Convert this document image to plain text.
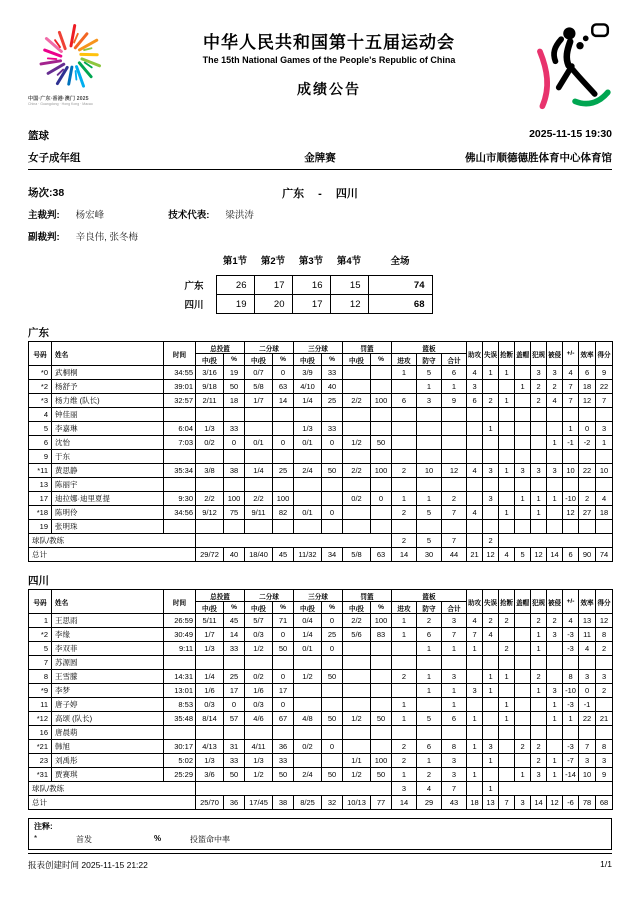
中国·广东·香港·澳门 2025
China · Guangdong · Hong Kong · Macao
中华人民共和国第十五届运动会
The 15th National Games of the People's Republic of China
成绩公告
篮球	2025-11-15 19:30
女子成年组	金牌赛	佛山市顺德德胜体育中心体育馆
场次:38	广东 - 四川
主裁判: 杨宏峰	技术代表: 梁洪涛
副裁判: 辛良伟, 张冬梅
	第1节	第2节	第3节	第4节	全场
广东	26	17	16	15	74
四川	19	20	17	12	68
广东
号码	姓名	时间	总投篮		二分球		三分球		罚篮		篮板			助攻	失误	抢断	盖帽	犯规	被侵	+/-	效率	得分
			中/投	%	中/投	%	中/投	%	中/投	%	进攻	防守	合计									
*0	武桐桐	34:55	3/16	19	0/7	0	3/9	33			1	5	6	4	1	1		3	3	4	6	9
*2	杨舒予	39:01	9/18	50	5/8	63	4/10	40				1	1	3			1	2	2	7	18	22
*3	杨力维 (队长)	32:57	2/11	18	1/7	14	1/4	25	2/2	100	6	3	9	6	2	1		2	4	7	12	7
4	钟佳丽																					
5	李嘉琳	6:04	1/3	33			1/3	33							1					1	0	3
6	沈怡	7:03	0/2	0	0/1	0	0/1	0	1/2	50									1	-1	-2	1
9	于东																					
*11	黄思静	35:34	3/8	38	1/4	25	2/4	50	2/2	100	2	10	12	4	3	1	3	3	3	10	22	10
13	陈丽宇																					
17	迪拉娜·迪里夏提	9:30	2/2	100	2/2	100			0/2	0	1	1	2		3		1	1	1	-10	2	4
*18	陈明伶	34:56	9/12	75	9/11	82	0/1	0			2	5	7	4		1		1		12	27	18
19	张明珠																					
球队/教练											2	5	7		2							
总计			29/72	40	18/40	45	11/32	34	5/8	63	14	30	44	21	12	4	5	12	14	6	90	74
四川
号码	姓名	时间	总投篮		二分球		三分球		罚篮		篮板			助攻	失误	抢断	盖帽	犯规	被侵	+/-	效率	得分
			中/投	%	中/投	%	中/投	%	中/投	%	进攻	防守	合计									
1	王思雨	26:59	5/11	45	5/7	71	0/4	0	2/2	100	1	2	3	4	2	2		2	2	4	13	12
*2	李缘	30:49	1/7	14	0/3	0	1/4	25	5/6	83	1	6	7	7	4			1	3	-3	11	8
5	李双菲	9:11	1/3	33	1/2	50	0/1	0				1	1	1		2		1		-3	4	2
7	苏源圆																					
8	王雪朦	14:31	1/4	25	0/2	0	1/2	50			2	1	3		1	1		2		8	3	3
*9	李梦	13:01	1/6	17	1/6	17						1	1	3	1			1	3	-10	0	2
11	唐子婷	8:53	0/3	0	0/3	0					1		1			1			1	-3	-1	
*12	高颂 (队长)	35:48	8/14	57	4/6	67	4/8	50	1/2	50	1	5	6	1		1			1	1	22	21
16	唐晨萌																					
*21	韩旭	30:17	4/13	31	4/11	36	0/2	0			2	6	8	1	3		2	2		-3	7	8
23	刘禹彤	5:02	1/3	33	1/3	33			1/1	100	2	1	3		1			2	1	-7	3	3
*31	贾赛琪	25:29	3/6	50	1/2	50	2/4	50	1/2	50	1	2	3	1			1	3	1	-14	10	9
球队/教练											3	4	7		1							
总计			25/70	36	17/45	38	8/25	32	10/13	77	14	29	43	18	13	7	3	14	12	-6	78	68
注释:
*	首发	%	投篮命中率
报表创建时间 2025-11-15 21:22	1/1
